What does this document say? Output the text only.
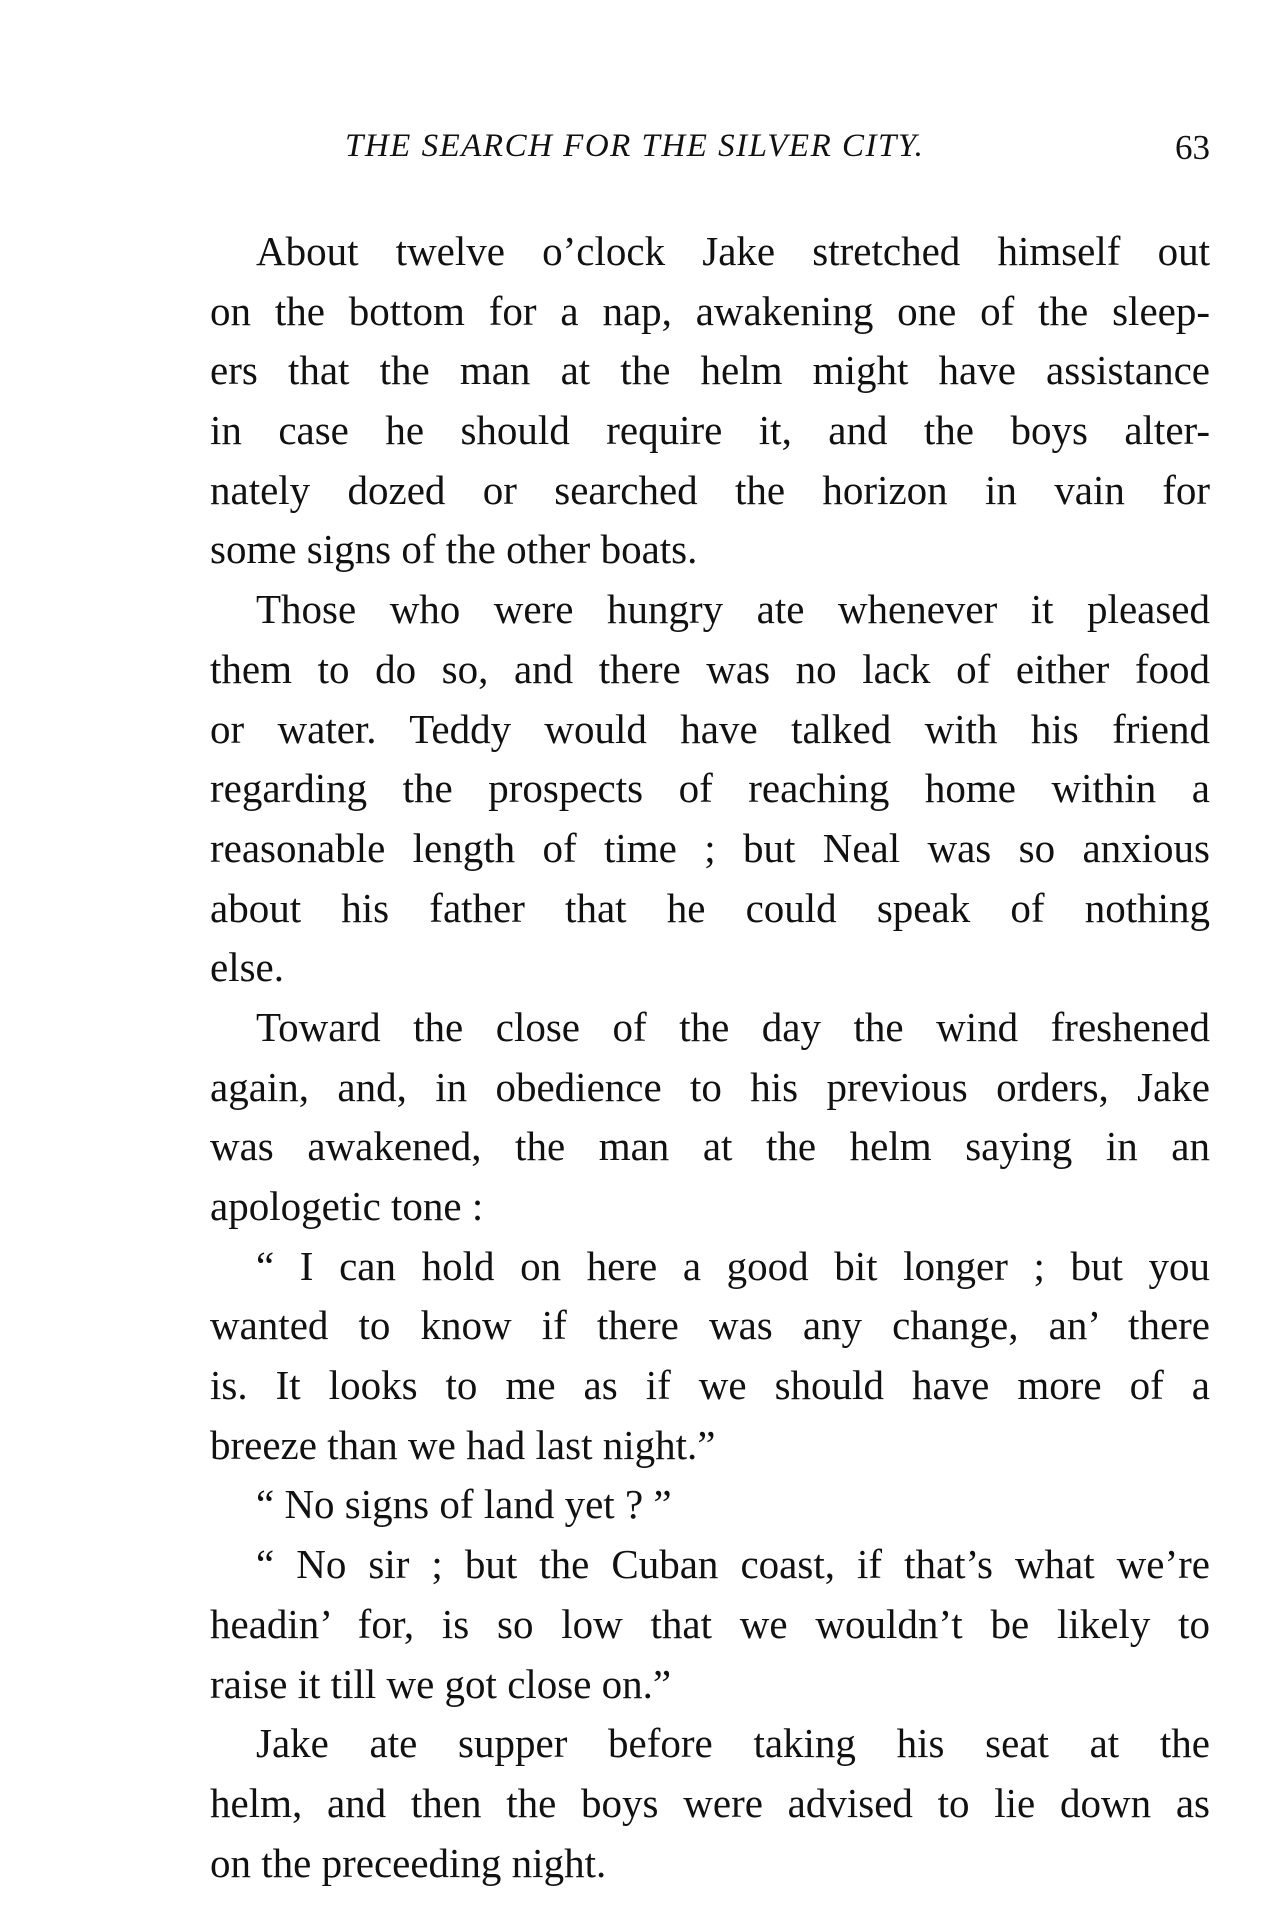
THE SEARCH FOR THE SILVER CITY.	63
About twelve o’clock Jake stretched himself out
on the bottom for a nap, awakening one of the sleep-
ers that the man at the helm might have assistance
in case he should require it, and the boys alter-
nately dozed or searched the horizon in vain for
some signs of the other boats.
Those who were hungry ate whenever it pleased
them to do so, and there was no lack of either food
or water. Teddy would have talked with his friend
regarding the prospects of reaching home within a
reasonable length of time ; but Neal was so anxious
about his father that he could speak of nothing
else.
Toward the close of the day the wind freshened
again, and, in obedience to his previous orders, Jake
was awakened, the man at the helm saying in an
apologetic tone :
“ I can hold on here a good bit longer ; but you
wanted to know if there was any change, an’ there
is. It looks to me as if we should have more of a
breeze than we had last night.”
“ No signs of land yet ? ”
“ No sir ; but the Cuban coast, if that’s what we’re
headin’ for, is so low that we wouldn’t be likely to
raise it till we got close on.”
Jake ate supper before taking his seat at the
helm, and then the boys were advised to lie down as
on the preceeding night.
